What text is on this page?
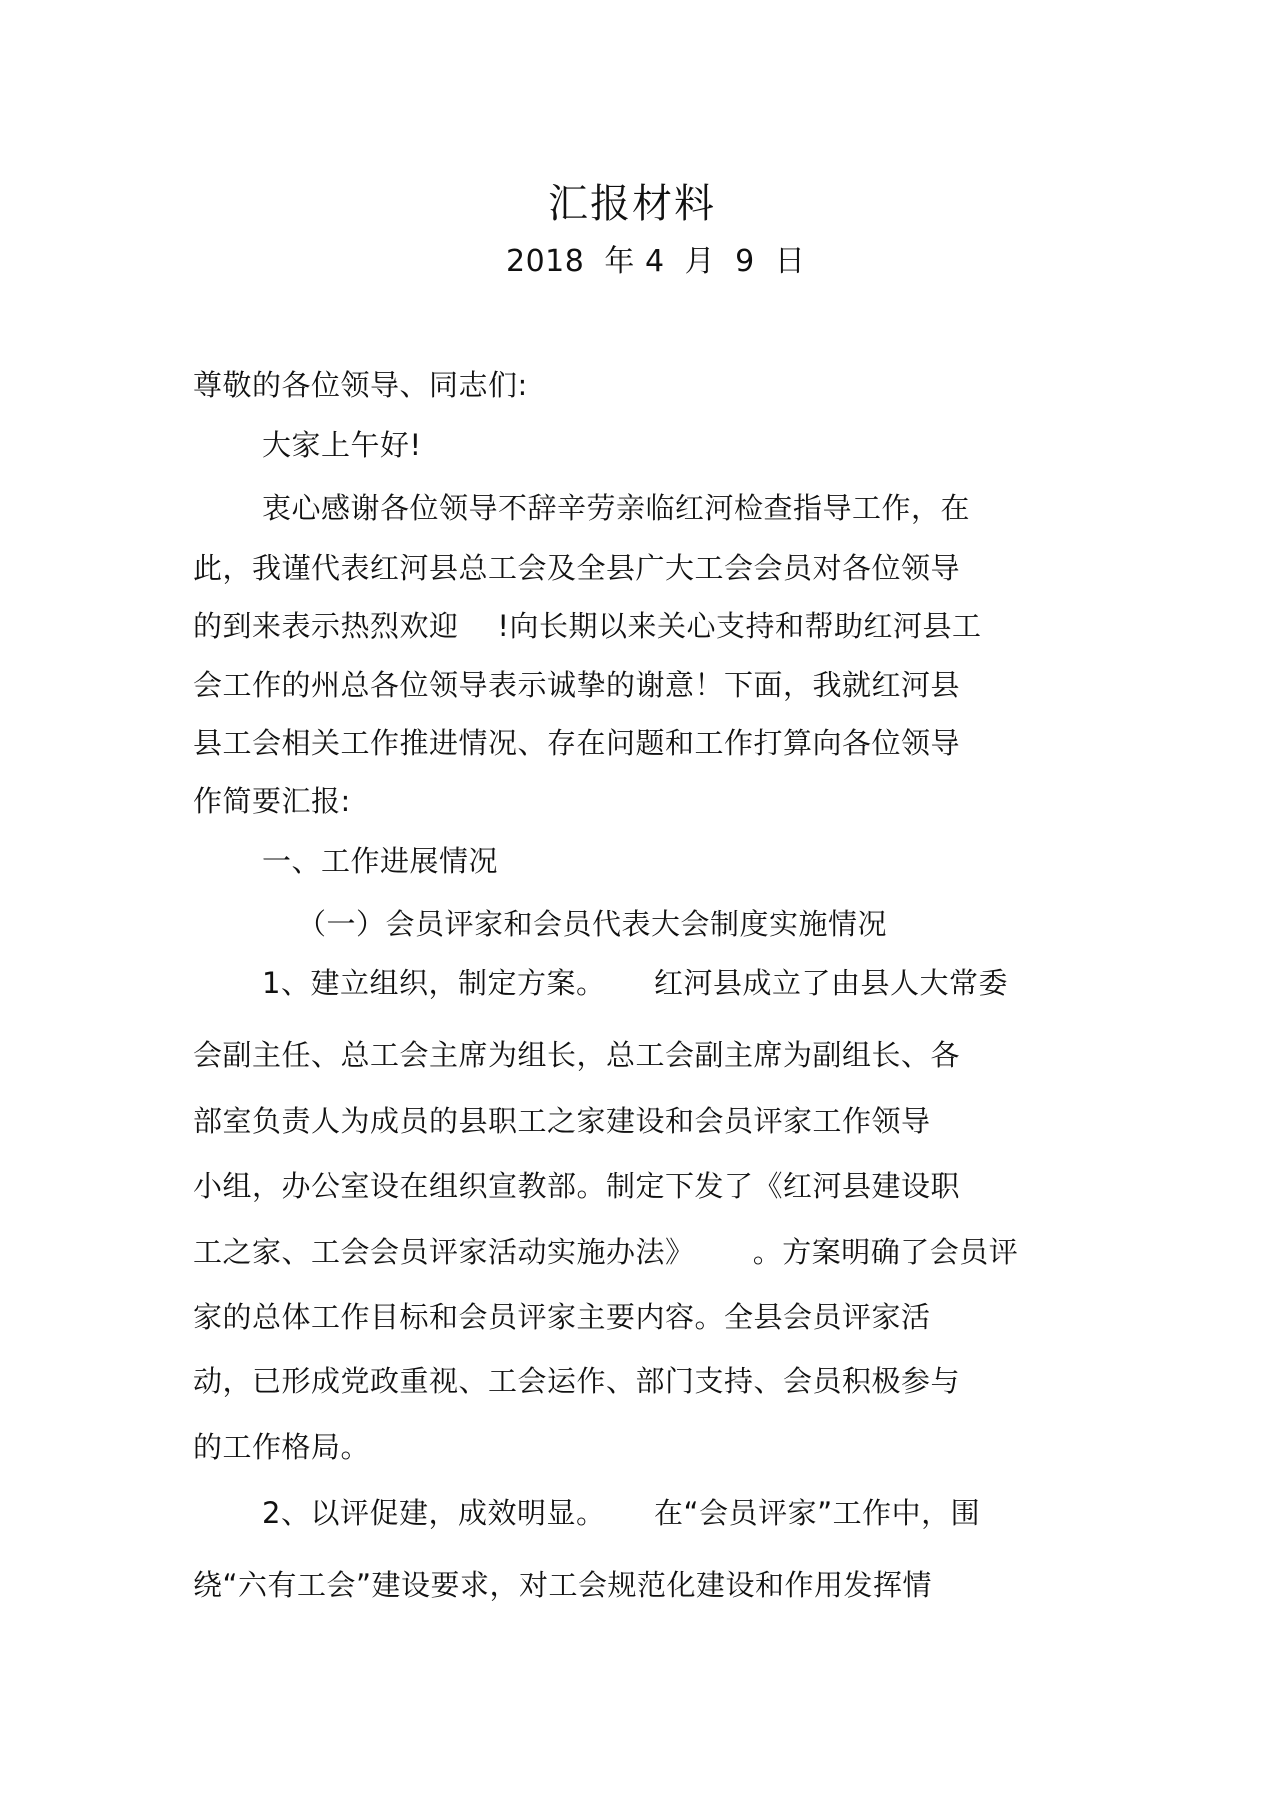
汇报材料
2018  年 4  月  9  日
尊敬的各位领导、同志们:
大家上午好!
衷心感谢各位领导不辞辛劳亲临红河检查指导工作，在
此，我谨代表红河县总工会及全县广大工会会员对各位领导
的到来表示热烈欢迎    !向长期以来关心支持和帮助红河县工
会工作的州总各位领导表示诚挚的谢意！下面，我就红河县
县工会相关工作推进情况、存在问题和工作打算向各位领导
作简要汇报:
一、工作进展情况
（一）会员评家和会员代表大会制度实施情况
1、建立组织，制定方案。     红河县成立了由县人大常委
会副主任、总工会主席为组长，总工会副主席为副组长、各
部室负责人为成员的县职工之家建设和会员评家工作领导
小组，办公室设在组织宣教部。制定下发了《红河县建设职
工之家、工会会员评家活动实施办法》      。方案明确了会员评
家的总体工作目标和会员评家主要内容。全县会员评家活
动，已形成党政重视、工会运作、部门支持、会员积极参与
的工作格局。
2、以评促建，成效明显。     在“会员评家”工作中，围
绕“六有工会”建设要求，对工会规范化建设和作用发挥情
